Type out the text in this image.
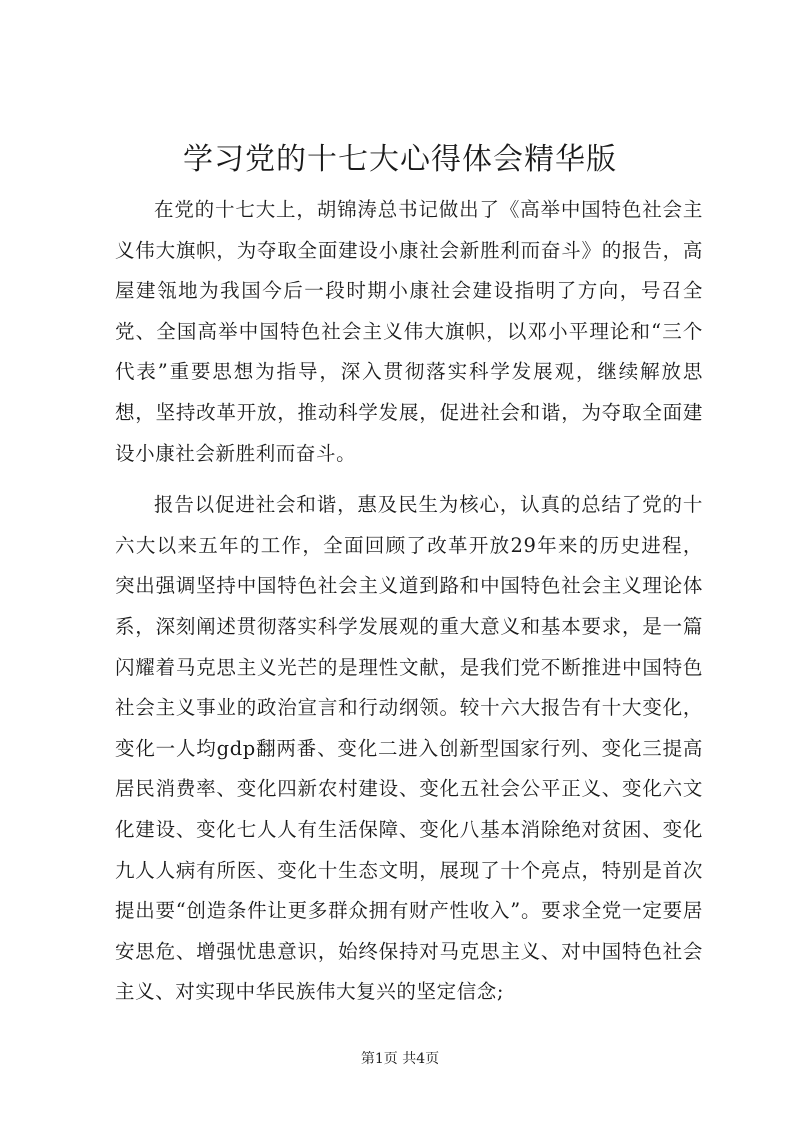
学习党的十七大心得体会精华版

在党的十七大上，胡锦涛总书记做出了《高举中国特色社会主义伟大旗帜，为夺取全面建设小康社会新胜利而奋斗》的报告，高屋建瓴地为我国今后一段时期小康社会建设指明了方向，号召全党、全国高举中国特色社会主义伟大旗帜，以邓小平理论和“三个代表”重要思想为指导，深入贯彻落实科学发展观，继续解放思想，坚持改革开放，推动科学发展，促进社会和谐，为夺取全面建设小康社会新胜利而奋斗。

报告以促进社会和谐，惠及民生为核心，认真的总结了党的十六大以来五年的工作，全面回顾了改革开放29年来的历史进程，突出强调坚持中国特色社会主义道到路和中国特色社会主义理论体系，深刻阐述贯彻落实科学发展观的重大意义和基本要求，是一篇闪耀着马克思主义光芒的是理性文献，是我们党不断推进中国特色社会主义事业的政治宣言和行动纲领。较十六大报告有十大变化，变化一人均gdp翻两番、变化二进入创新型国家行列、变化三提高居民消费率、变化四新农村建设、变化五社会公平正义、变化六文化建设、变化七人人有生活保障、变化八基本消除绝对贫困、变化九人人病有所医、变化十生态文明，展现了十个亮点，特别是首次提出要“创造条件让更多群众拥有财产性收入”。要求全党一定要居安思危、增强忧患意识，始终保持对马克思主义、对中国特色社会主义、对实现中华民族伟大复兴的坚定信念;

第1页 共4页
